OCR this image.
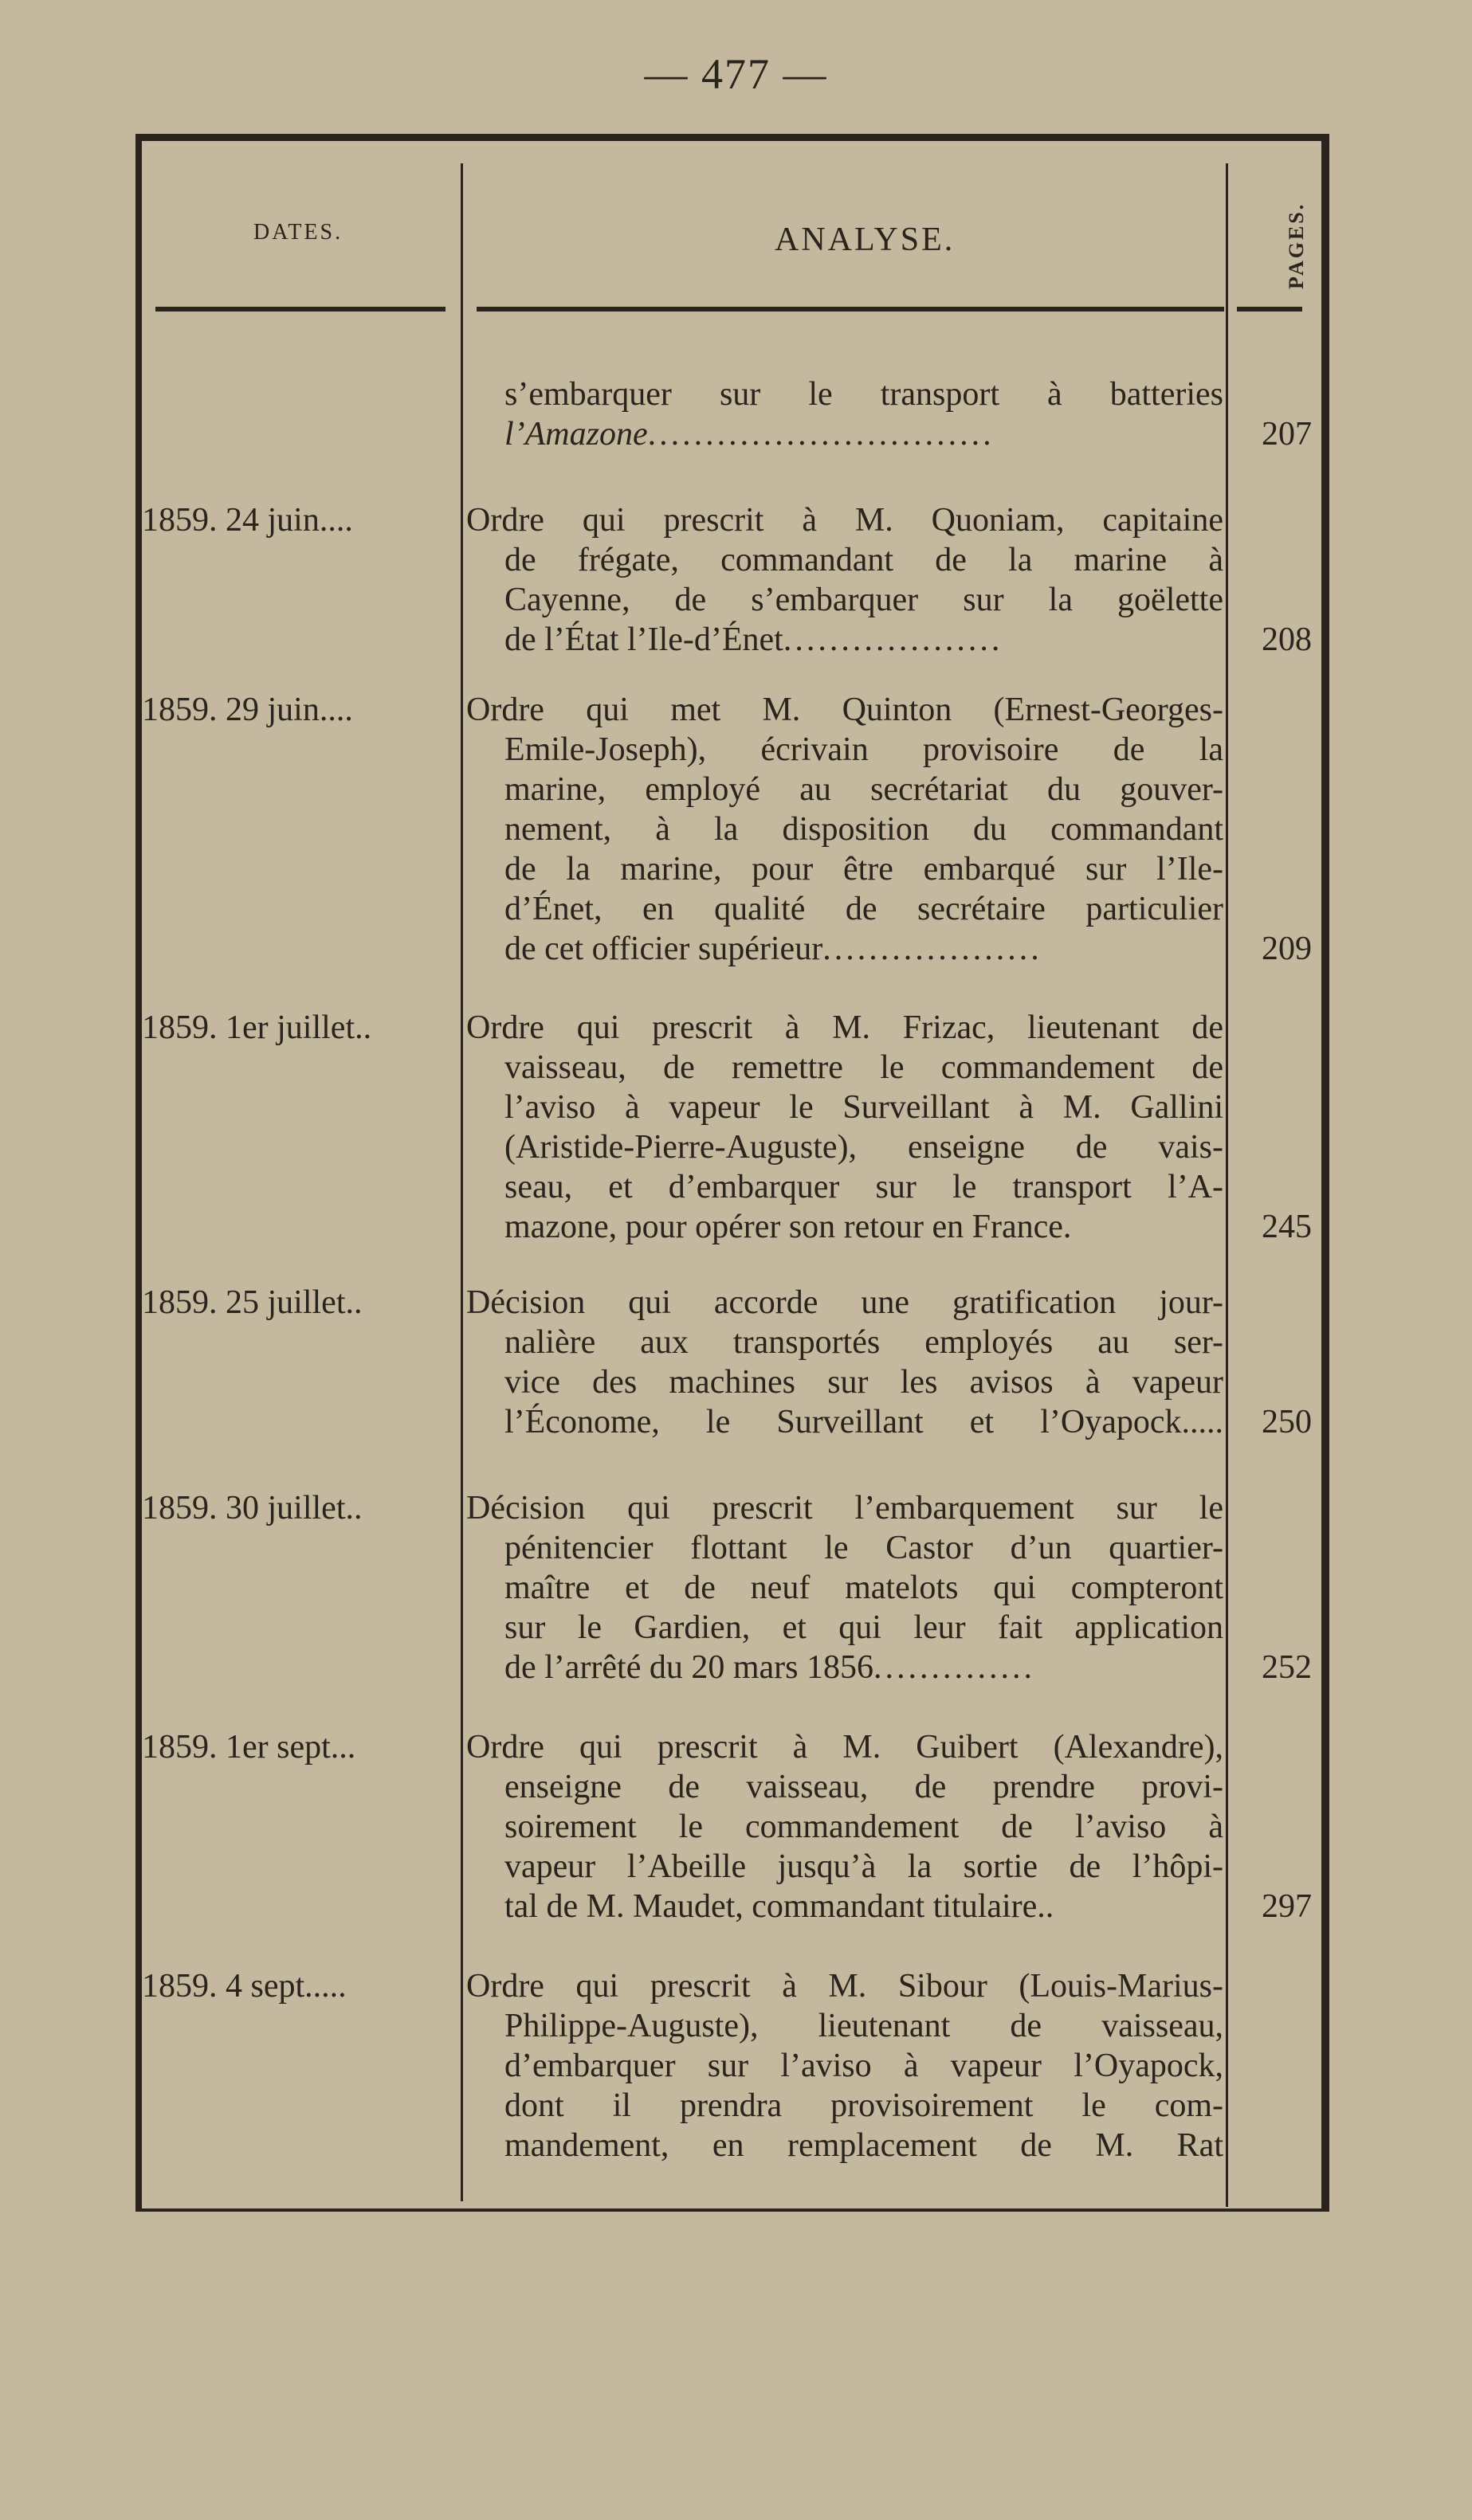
— 477 —
DATES.	ANALYSE.	PAGES.
s’embarquer sur le transport à batteries
l’Amazone..............................	207
1859. 24 juin....	Ordre qui prescrit à M. Quoniam, capitaine
de frégate, commandant de la marine à
Cayenne, de s’embarquer sur la goëlette
de l’État l’Ile-d’Énet...................	208
1859. 29 juin....	Ordre qui met M. Quinton (Ernest-Georges-
Emile-Joseph), écrivain provisoire de la
marine, employé au secrétariat du gouver-
nement, à la disposition du commandant
de la marine, pour être embarqué sur l’Ile-
d’Énet, en qualité de secrétaire particulier
de cet officier supérieur...................	209
1859. 1er juillet..	Ordre qui prescrit à M. Frizac, lieutenant de
vaisseau, de remettre le commandement de
l’aviso à vapeur le Surveillant à M. Gallini
(Aristide-Pierre-Auguste), enseigne de vais-
seau, et d’embarquer sur le transport l’A-
mazone, pour opérer son retour en France.	245
1859. 25 juillet..	Décision qui accorde une gratification jour-
nalière aux transportés employés au ser-
vice des machines sur les avisos à vapeur
l’Économe, le Surveillant et l’Oyapock.....	250
1859. 30 juillet..	Décision qui prescrit l’embarquement sur le
pénitencier flottant le Castor d’un quartier-
maître et de neuf matelots qui compteront
sur le Gardien, et qui leur fait application
de l’arrêté du 20 mars 1856..............	252
1859. 1er sept...	Ordre qui prescrit à M. Guibert (Alexandre),
enseigne de vaisseau, de prendre provi-
soirement le commandement de l’aviso à
vapeur l’Abeille jusqu’à la sortie de l’hôpi-
tal de M. Maudet, commandant titulaire..	297
1859. 4 sept.....	Ordre qui prescrit à M. Sibour (Louis-Marius-
Philippe-Auguste), lieutenant de vaisseau,
d’embarquer sur l’aviso à vapeur l’Oyapock,
dont il prendra provisoirement le com-
mandement, en remplacement de M. Rat
